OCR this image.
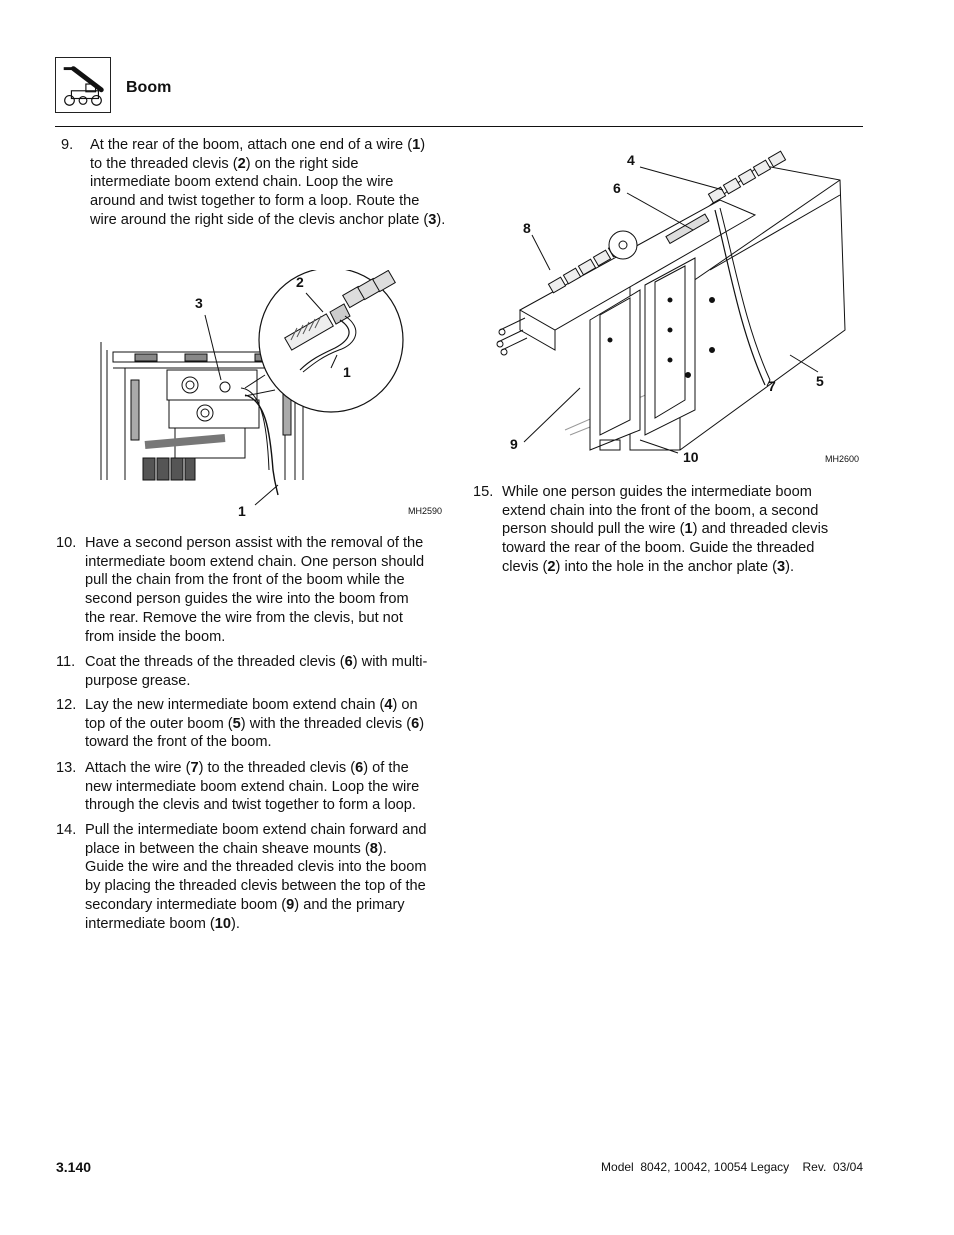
Boom
9. At the rear of the boom, attach one end of a wire (1)
to the threaded clevis (2) on the right side
intermediate boom extend chain. Loop the wire
around and twist together to form a loop. Route the
wire around the right side of the clevis anchor plate (3).
10. Have a second person assist with the removal of the
intermediate boom extend chain. One person should
pull the chain from the front of the boom while the
second person guides the wire into the boom from
the rear. Remove the wire from the clevis, but not
from inside the boom.
11. Coat the threads of the threaded clevis (6) with multi-
purpose grease.
12. Lay the new intermediate boom extend chain (4) on
top of the outer boom (5) with the threaded clevis (6)
toward the front of the boom.
13. Attach the wire (7) to the threaded clevis (6) of the
new intermediate boom extend chain. Loop the wire
through the clevis and twist together to form a loop.
14. Pull the intermediate boom extend chain forward and
place in between the chain sheave mounts (8).
Guide the wire and the threaded clevis into the boom
by placing the threaded clevis between the top of the
secondary intermediate boom (9) and the primary
intermediate boom (10).
15. While one person guides the intermediate boom
extend chain into the front of the boom, a second
person should pull the wire (1) and threaded clevis
toward the rear of the boom. Guide the threaded
clevis (2) into the hole in the anchor plate (3).
3
2
1
1	MH2590
4
6
8
7	5
9
10	MH2600
3.140	Model  8042, 10042, 10054 Legacy    Rev.  03/04
